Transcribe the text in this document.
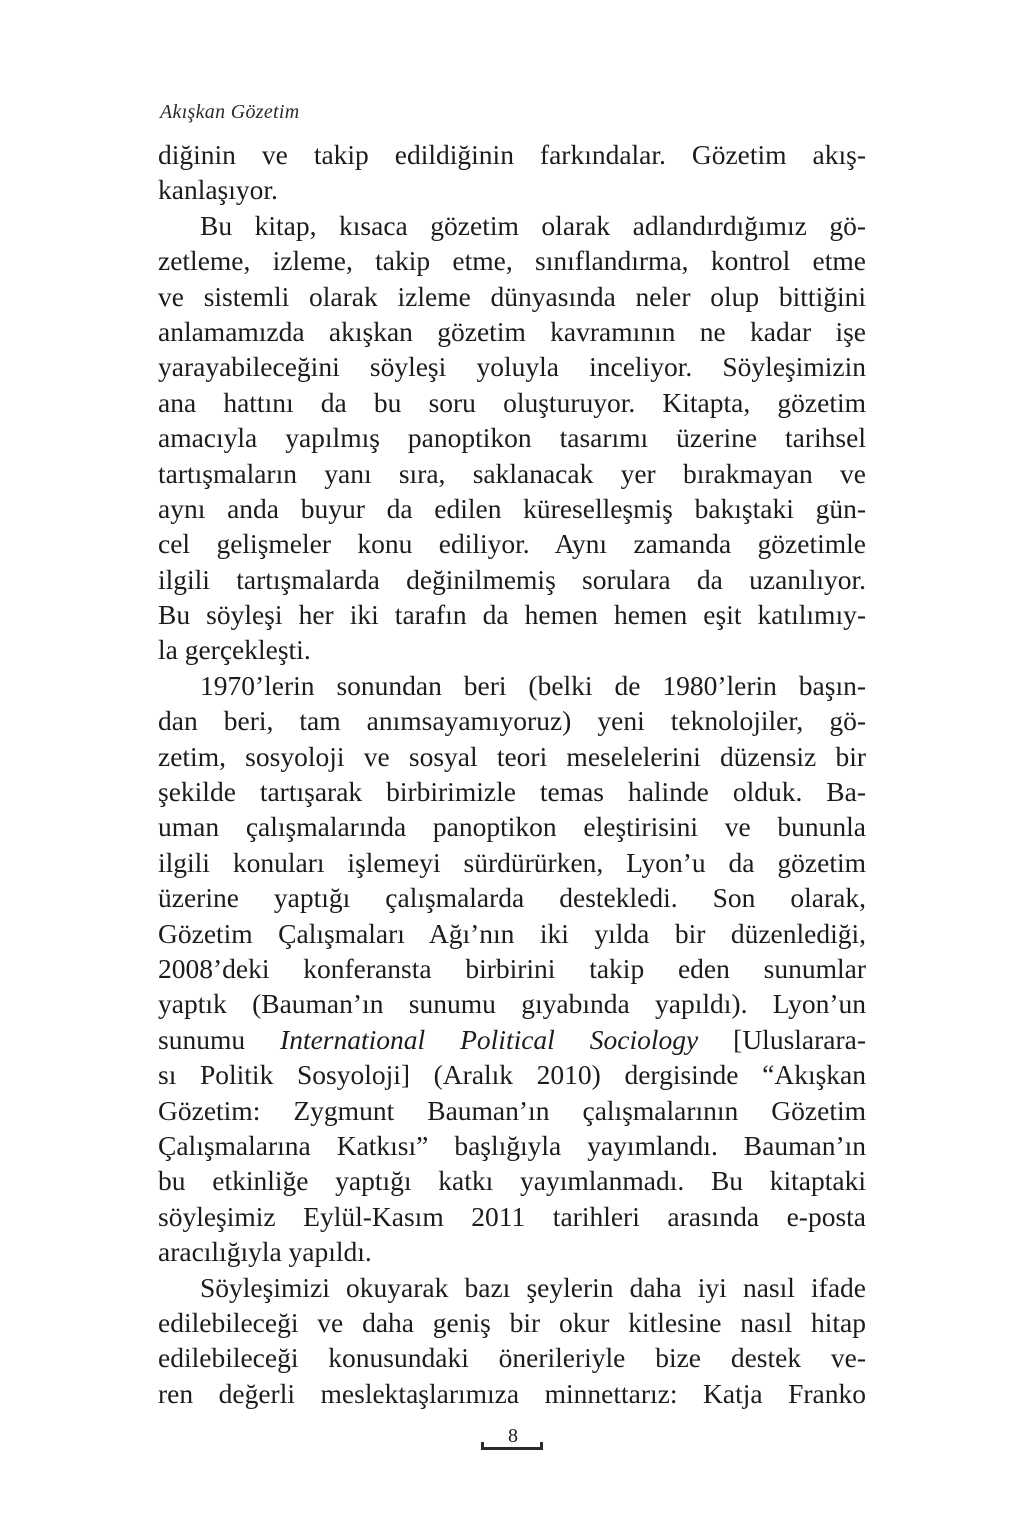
Akışkan Gözetim
diğinin ve takip edildiğinin farkındalar. Gözetim akış-
kanlaşıyor.
Bu kitap, kısaca gözetim olarak adlandırdığımız gö-
zetleme, izleme, takip etme, sınıflandırma, kontrol etme
ve sistemli olarak izleme dünyasında neler olup bittiğini
anlamamızda akışkan gözetim kavramının ne kadar işe
yarayabileceğini söyleşi yoluyla inceliyor. Söyleşimizin
ana hattını da bu soru oluşturuyor. Kitapta, gözetim
amacıyla yapılmış panoptikon tasarımı üzerine tarihsel
tartışmaların yanı sıra, saklanacak yer bırakmayan ve
aynı anda buyur da edilen küreselleşmiş bakıştaki gün-
cel gelişmeler konu ediliyor. Aynı zamanda gözetimle
ilgili tartışmalarda değinilmemiş sorulara da uzanılıyor.
Bu söyleşi her iki tarafın da hemen hemen eşit katılımıy-
la gerçekleşti.
1970’lerin sonundan beri (belki de 1980’lerin başın-
dan beri, tam anımsayamıyoruz) yeni teknolojiler, gö-
zetim, sosyoloji ve sosyal teori meselelerini düzensiz bir
şekilde tartışarak birbirimizle temas halinde olduk. Ba-
uman çalışmalarında panoptikon eleştirisini ve bununla
ilgili konuları işlemeyi sürdürürken, Lyon’u da gözetim
üzerine yaptığı çalışmalarda destekledi. Son olarak,
Gözetim Çalışmaları Ağı’nın iki yılda bir düzenlediği,
2008’deki konferansta birbirini takip eden sunumlar
yaptık (Bauman’ın sunumu gıyabında yapıldı). Lyon’un
sunumu International Political Sociology [Uluslarara-
sı Politik Sosyoloji] (Aralık 2010) dergisinde “Akışkan
Gözetim: Zygmunt Bauman’ın çalışmalarının Gözetim
Çalışmalarına Katkısı” başlığıyla yayımlandı. Bauman’ın
bu etkinliğe yaptığı katkı yayımlanmadı. Bu kitaptaki
söyleşimiz Eylül-Kasım 2011 tarihleri arasında e-posta
aracılığıyla yapıldı.
Söyleşimizi okuyarak bazı şeylerin daha iyi nasıl ifade
edilebileceği ve daha geniş bir okur kitlesine nasıl hitap
edilebileceği konusundaki önerileriyle bize destek ve-
ren değerli meslektaşlarımıza minnettarız: Katja Franko
8
